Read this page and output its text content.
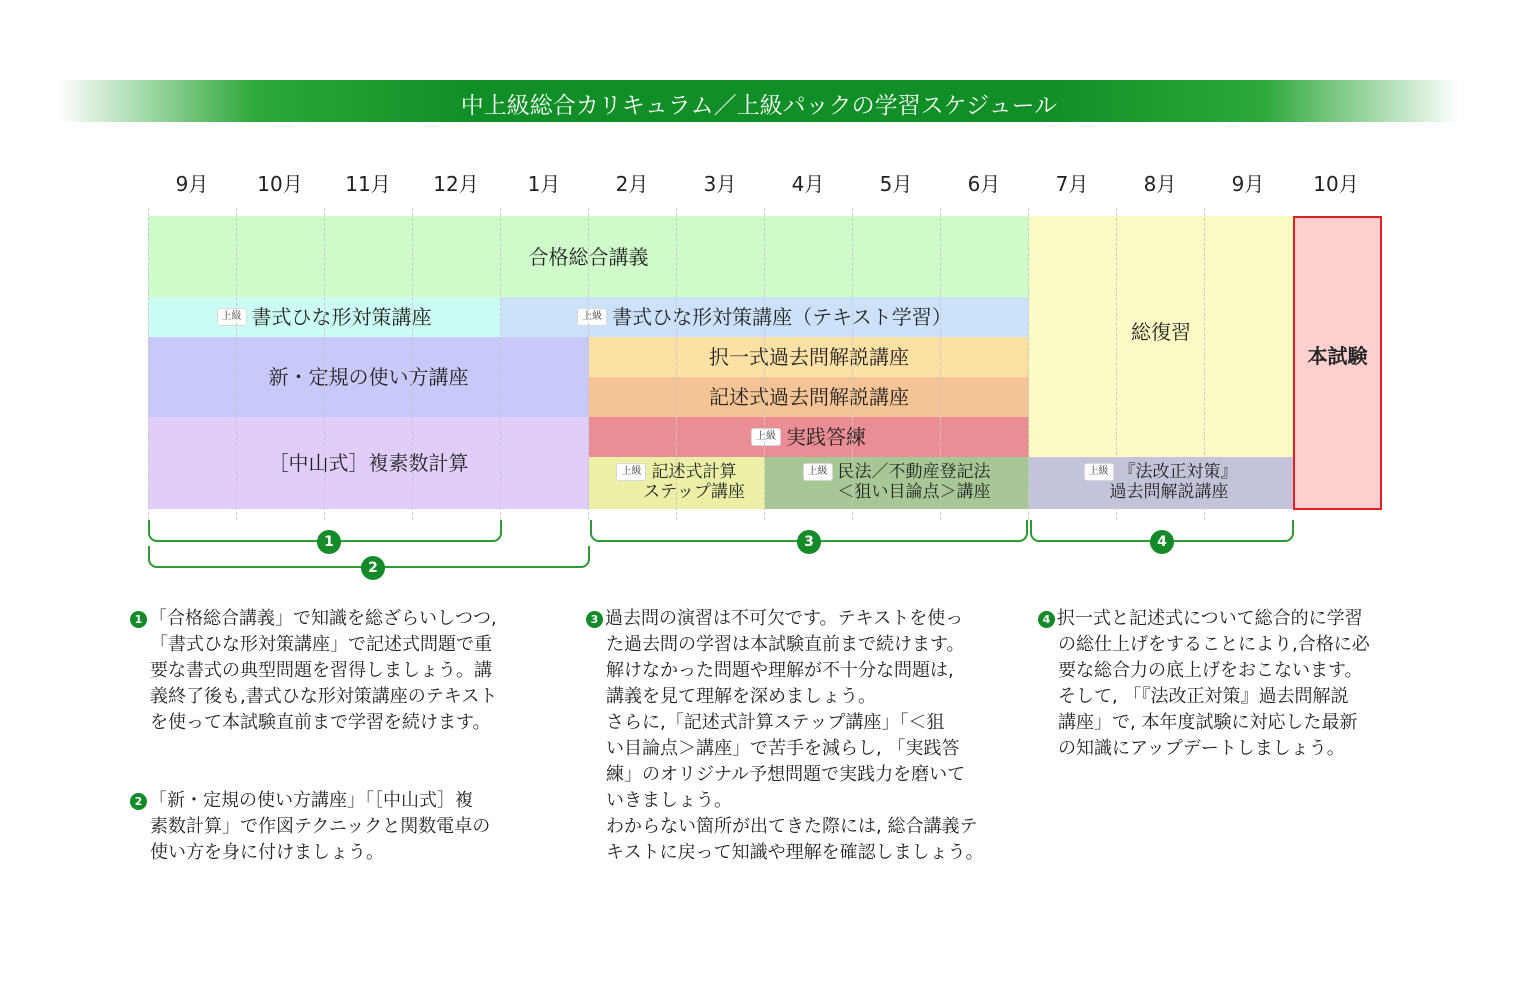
中上級総合カリキュラム／上級パックの学習スケジュール
9月	10月	11月	12月	1月	2月	3月	4月	5月	6月	7月	8月	9月	10月
合格総合講義
上級 書式ひな形対策講座	上級 書式ひな形対策講座（テキスト学習）
新・定規の使い方講座
［中山式］複素数計算
択一式過去問解説講座
記述式過去問解説講座
上級 実践答練
上級 記述式計算
ステップ講座
上級 民法／不動産登記法
＜狙い目論点＞講座
総復習
上級 『法改正対策』
過去問解説講座
本試験
1
2
3	4

1 「合格総合講義」で知識を総ざらいしつつ,

「書式ひな形対策講座」で記述式問題で重

要な書式の典型問題を習得しましょう。講

義終了後も,書式ひな形対策講座のテキスト

を使って本試験直前まで学習を続けます。

2 「新・定規の使い方講座」「［中山式］複

素数計算」で作図テクニックと関数電卓の

使い方を身に付けましょう。

3 過去問の演習は不可欠です。テキストを使っ

た過去問の学習は本試験直前まで続けます。

解けなかった問題や理解が不十分な問題は,

講義を見て理解を深めましょう。

さらに,「記述式計算ステップ講座」「＜狙

い目論点＞講座」で苦手を減らし, 「実践答

練」のオリジナル予想問題で実践力を磨いて

いきましょう。

わからない箇所が出てきた際には, 総合講義テ

キストに戻って知識や理解を確認しましょう。

4 択一式と記述式について総合的に学習

の総仕上げをすることにより,合格に必

要な総合力の底上げをおこないます。

そして, 「『法改正対策』過去問解説

講座」で, 本年度試験に対応した最新

の知識にアップデートしましょう。
